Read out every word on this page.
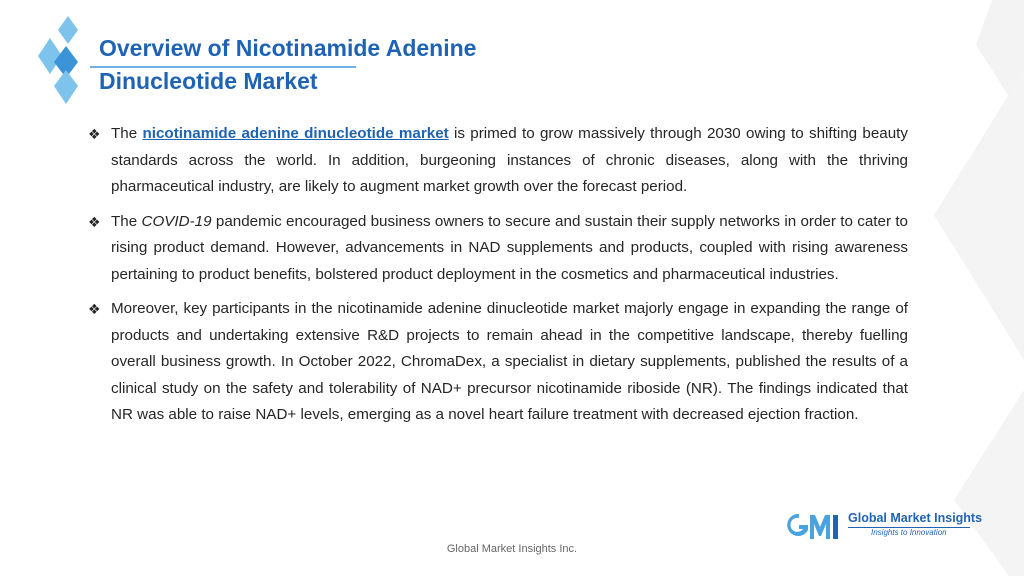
Overview of Nicotinamide Adenine
Dinucleotide Market

❖ The nicotinamide adenine dinucleotide market is primed to grow massively through 2030 owing to shifting beauty standards across the world. In addition, burgeoning instances of chronic diseases, along with the thriving pharmaceutical industry, are likely to augment market growth over the forecast period.

❖ The COVID-19 pandemic encouraged business owners to secure and sustain their supply networks in order to cater to rising product demand. However, advancements in NAD supplements and products, coupled with rising awareness pertaining to product benefits, bolstered product deployment in the cosmetics and pharmaceutical industries.

❖ Moreover, key participants in the nicotinamide adenine dinucleotide market majorly engage in expanding the range of products and undertaking extensive R&D projects to remain ahead in the competitive landscape, thereby fuelling overall business growth. In October 2022, ChromaDex, a specialist in dietary supplements, published the results of a clinical study on the safety and tolerability of NAD+ precursor nicotinamide riboside (NR). The findings indicated that NR was able to raise NAD+ levels, emerging as a novel heart failure treatment with decreased ejection fraction.

Global Market Insights
Insights to Innovation
Global Market Insights Inc.
